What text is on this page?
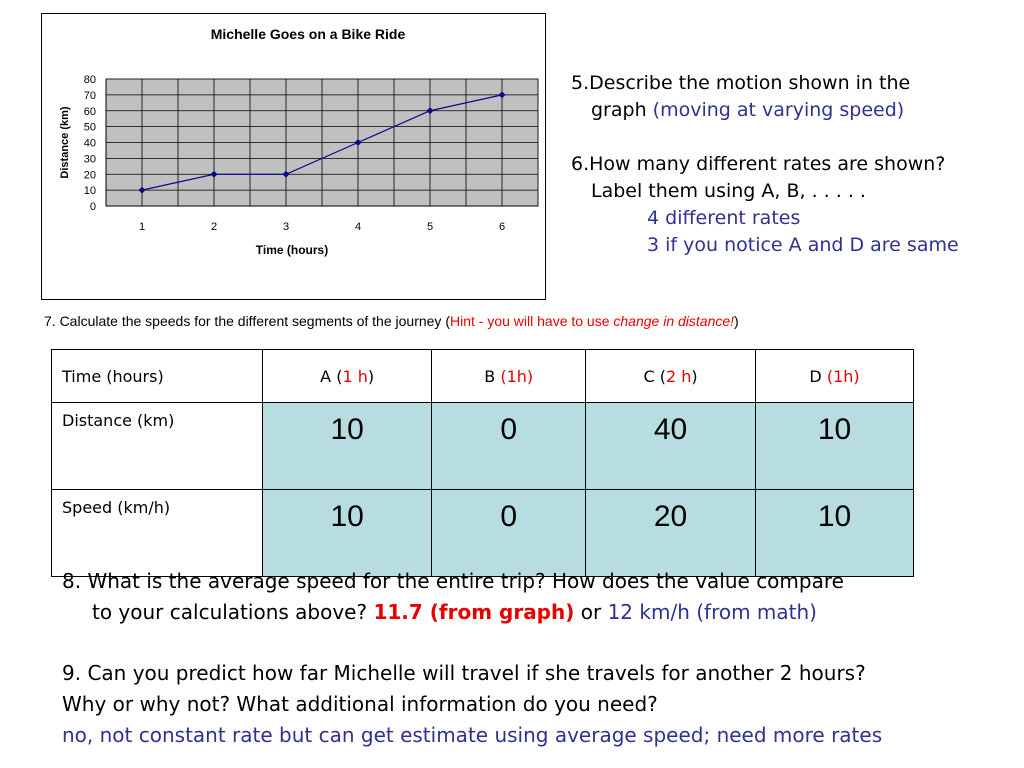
0
10
20
30
40
50
60
70
80
1	2	3	4	5	6
Michelle Goes on a Bike Ride
Time (hours)
Distance (km)
5.Describe the motion shown in the
graph (moving at varying speed)
6.How many different rates are shown?
Label them using A, B, . . . . .
4 different rates
3 if you notice A and D are same
7. Calculate the speeds for the different segments of the journey (Hint - you will have to use change in distance!)
Time (hours)	A (1 h)	B (1h)	C (2 h)	D (1h)
Distance (km)	10	0	40	10
Speed (km/h)	10	0	20	10
8. What is the average speed for the entire trip? How does the value compare
to your calculations above? 11.7 (from graph) or 12 km/h (from math)
9. Can you predict how far Michelle will travel if she travels for another 2 hours?
Why or why not? What additional information do you need?
no, not constant rate but can get estimate using average speed; need more rates
